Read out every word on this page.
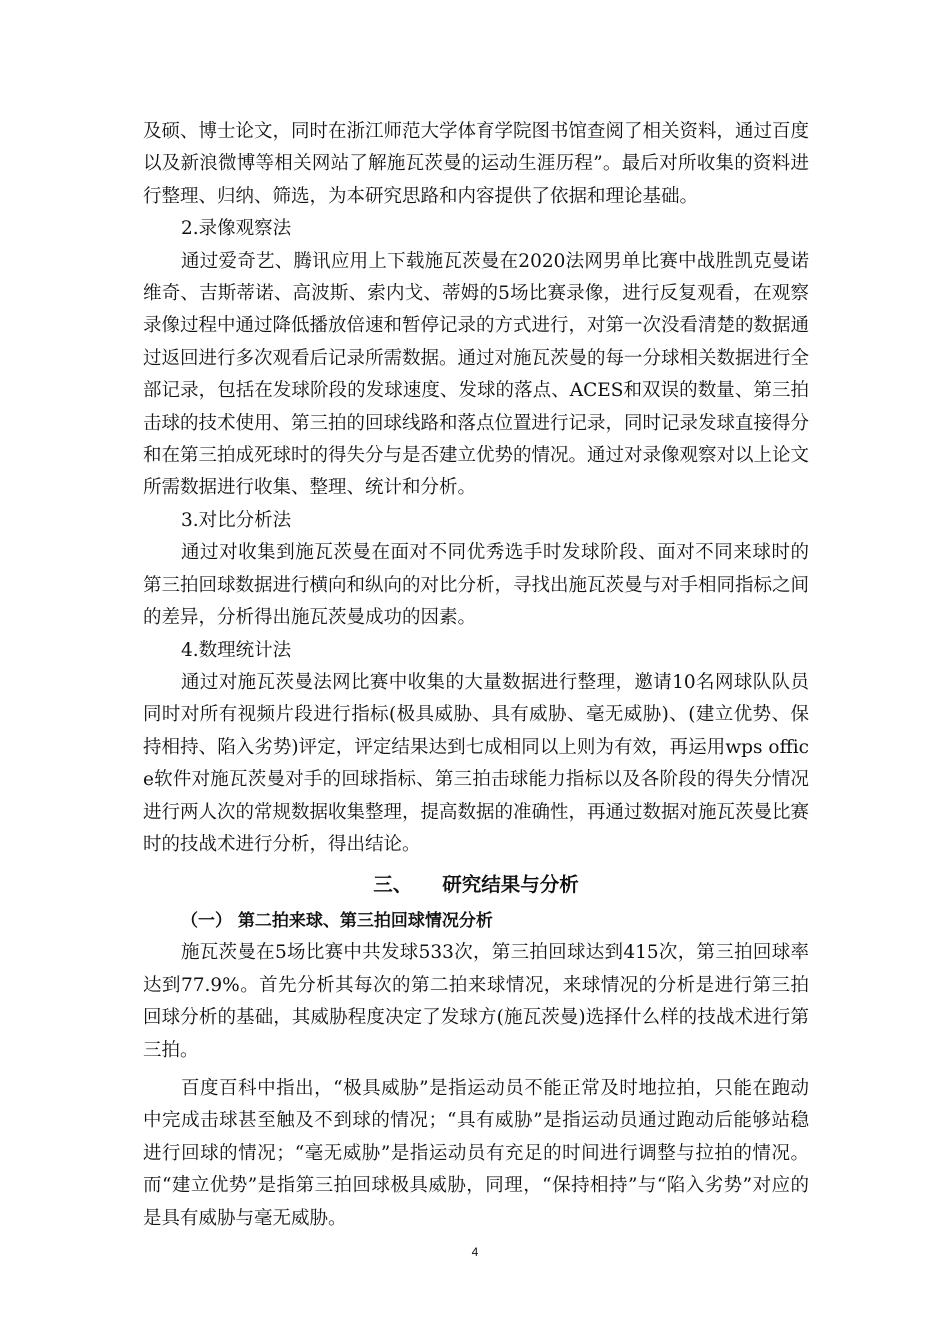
及硕、博士论文，同时在浙江师范大学体育学院图书馆查阅了相关资料，通过百度以及新浪微博等相关网站了解施瓦茨曼的运动生涯历程”。最后对所收集的资料进行整理、归纳、筛选，为本研究思路和内容提供了依据和理论基础。

2.录像观察法

通过爱奇艺、腾讯应用上下载施瓦茨曼在2020法网男单比赛中战胜凯克曼诺维奇、吉斯蒂诺、高波斯、索内戈、蒂姆的5场比赛录像，进行反复观看，在观察录像过程中通过降低播放倍速和暂停记录的方式进行，对第一次没看清楚的数据通过返回进行多次观看后记录所需数据。通过对施瓦茨曼的每一分球相关数据进行全部记录，包括在发球阶段的发球速度、发球的落点、ACES和双误的数量、第三拍击球的技术使用、第三拍的回球线路和落点位置进行记录，同时记录发球直接得分和在第三拍成死球时的得失分与是否建立优势的情况。通过对录像观察对以上论文所需数据进行收集、整理、统计和分析。

3.对比分析法

通过对收集到施瓦茨曼在面对不同优秀选手时发球阶段、面对不同来球时的第三拍回球数据进行横向和纵向的对比分析，寻找出施瓦茨曼与对手相同指标之间的差异，分析得出施瓦茨曼成功的因素。

4.数理统计法

通过对施瓦茨曼法网比赛中收集的大量数据进行整理，邀请10名网球队队员同时对所有视频片段进行指标(极具威胁、具有威胁、毫无威胁)、(建立优势、保持相持、陷入劣势)评定，评定结果达到七成相同以上则为有效，再运用wps office软件对施瓦茨曼对手的回球指标、第三拍击球能力指标以及各阶段的得失分情况进行两人次的常规数据收集整理，提高数据的准确性，再通过数据对施瓦茨曼比赛时的技战术进行分析，得出结论。

三、 研究结果与分析

（一） 第二拍来球、第三拍回球情况分析

施瓦茨曼在5场比赛中共发球533次，第三拍回球达到415次，第三拍回球率达到77.9%。首先分析其每次的第二拍来球情况，来球情况的分析是进行第三拍回球分析的基础，其威胁程度决定了发球方(施瓦茨曼)选择什么样的技战术进行第三拍。

百度百科中指出，“极具威胁”是指运动员不能正常及时地拉拍，只能在跑动中完成击球甚至触及不到球的情况；“具有威胁”是指运动员通过跑动后能够站稳进行回球的情况；“毫无威胁”是指运动员有充足的时间进行调整与拉拍的情况。而“建立优势”是指第三拍回球极具威胁，同理，“保持相持”与“陷入劣势”对应的是具有威胁与毫无威胁。

4
